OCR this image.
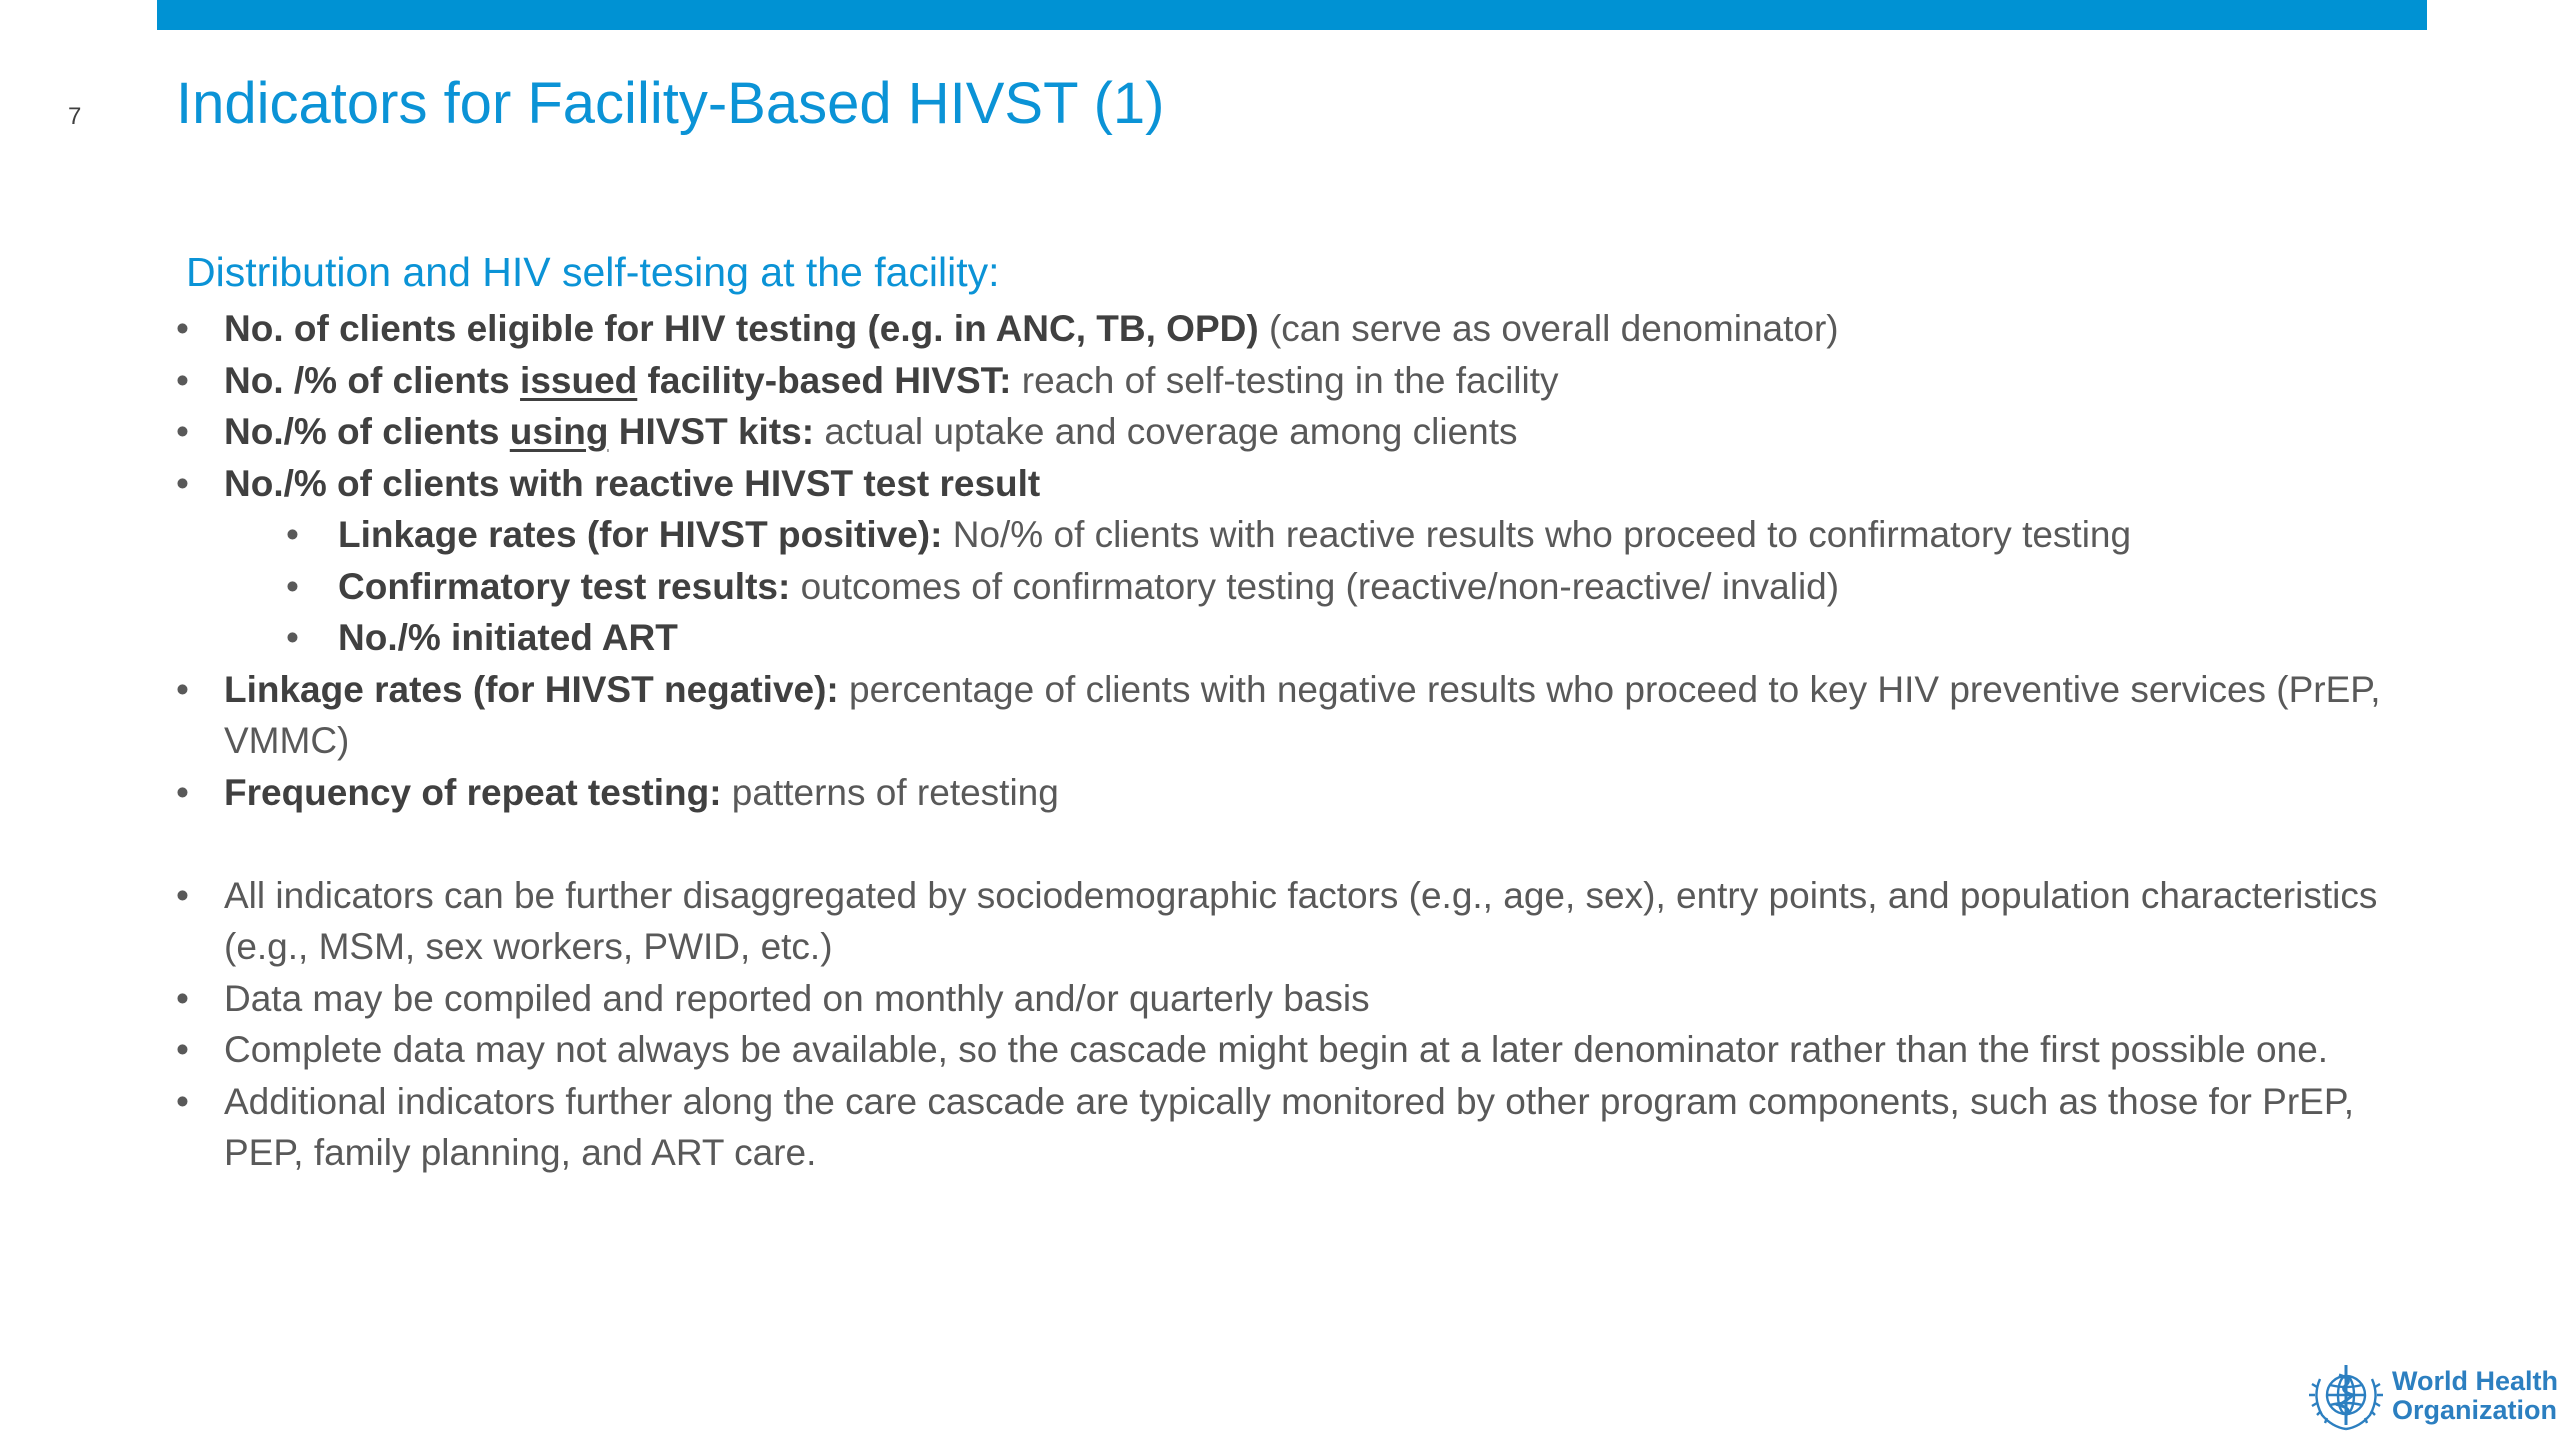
7 Indicators for Facility-Based HIVST (1)
Distribution and HIV self-tesing at the facility:
• No. of clients eligible for HIV testing (e.g. in ANC, TB, OPD) (can serve as overall denominator)
• No. /% of clients issued facility-based HIVST: reach of self-testing in the facility
• No./% of clients using HIVST kits: actual uptake and coverage among clients
• No./% of clients with reactive HIVST test result
• Linkage rates (for HIVST positive): No/% of clients with reactive results who proceed to confirmatory testing
• Confirmatory test results: outcomes of confirmatory testing (reactive/non-reactive/ invalid)
• No./% initiated ART
• Linkage rates (for HIVST negative): percentage of clients with negative results who proceed to key HIV preventive services (PrEP, VMMC)
• Frequency of repeat testing: patterns of retesting
• All indicators can be further disaggregated by sociodemographic factors (e.g., age, sex), entry points, and population characteristics (e.g., MSM, sex workers, PWID, etc.)
• Data may be compiled and reported on monthly and/or quarterly basis
• Complete data may not always be available, so the cascade might begin at a later denominator rather than the first possible one.
• Additional indicators further along the care cascade are typically monitored by other program components, such as those for PrEP, PEP, family planning, and ART care.
World Health
Organization
